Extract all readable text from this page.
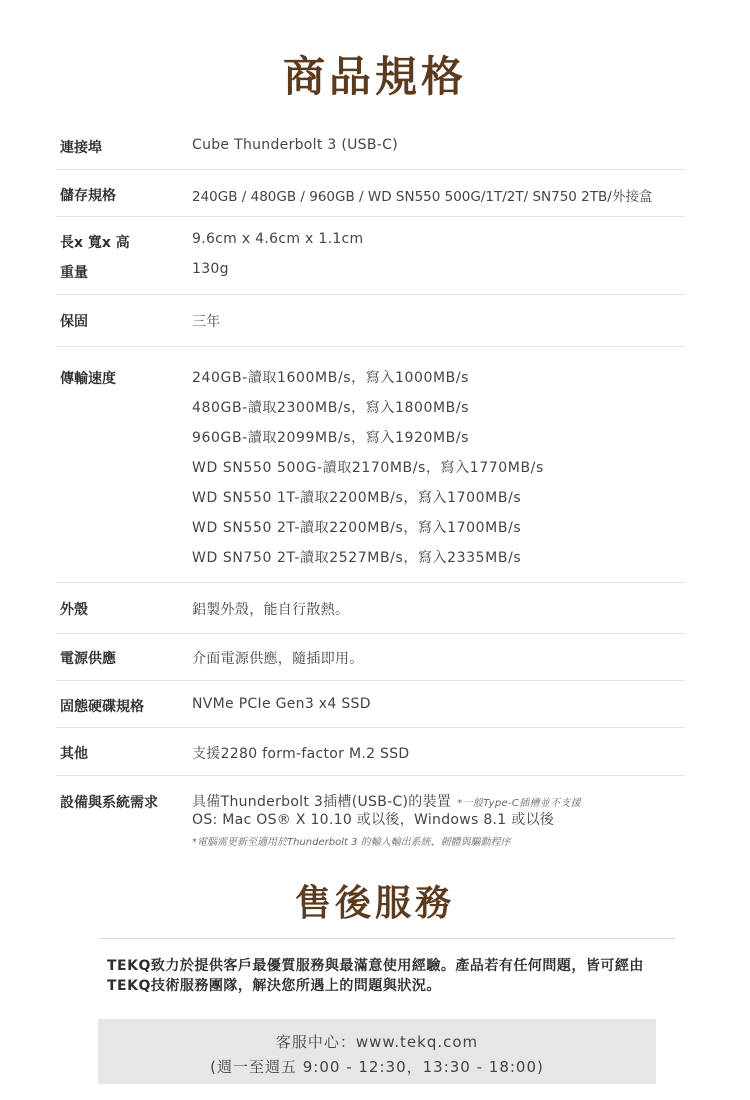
商品規格
連接埠	Cube Thunderbolt 3 (USB-C)
儲存規格	240GB / 480GB / 960GB / WD SN550 500G/1T/2T/ SN750 2TB/外接盒
長x 寬x 高	9.6cm x 4.6cm x 1.1cm
重量	130g
保固	三年
傳輸速度	240GB-讀取1600MB/s，寫入1000MB/s
480GB-讀取2300MB/s，寫入1800MB/s
960GB-讀取2099MB/s，寫入1920MB/s
WD SN550 500G-讀取2170MB/s，寫入1770MB/s
WD SN550 1T-讀取2200MB/s，寫入1700MB/s
WD SN550 2T-讀取2200MB/s，寫入1700MB/s
WD SN750 2T-讀取2527MB/s，寫入2335MB/s
外殼	鋁製外殼，能自行散熱。
電源供應	介面電源供應，隨插即用。
固態硬碟規格	NVMe PCIe Gen3 x4 SSD
其他	支援2280 form-factor M.2 SSD
設備與系統需求 具備Thunderbolt 3插槽(USB-C)的裝置 *一般Type-C插槽並不支援
OS: Mac OS® X 10.10 或以後，Windows 8.1 或以後
*電腦需更新至適用於Thunderbolt 3 的輸入輸出系統、韌體與驅動程序
售後服務
TEKQ致力於提供客戶最優質服務與最滿意使用經驗。產品若有任何問題，皆可經由 TEKQ技術服務團隊，解決您所遇上的問題與狀況。
客服中心：www.tekq.com
(週一至週五 9:00 - 12:30，13:30 - 18:00)
